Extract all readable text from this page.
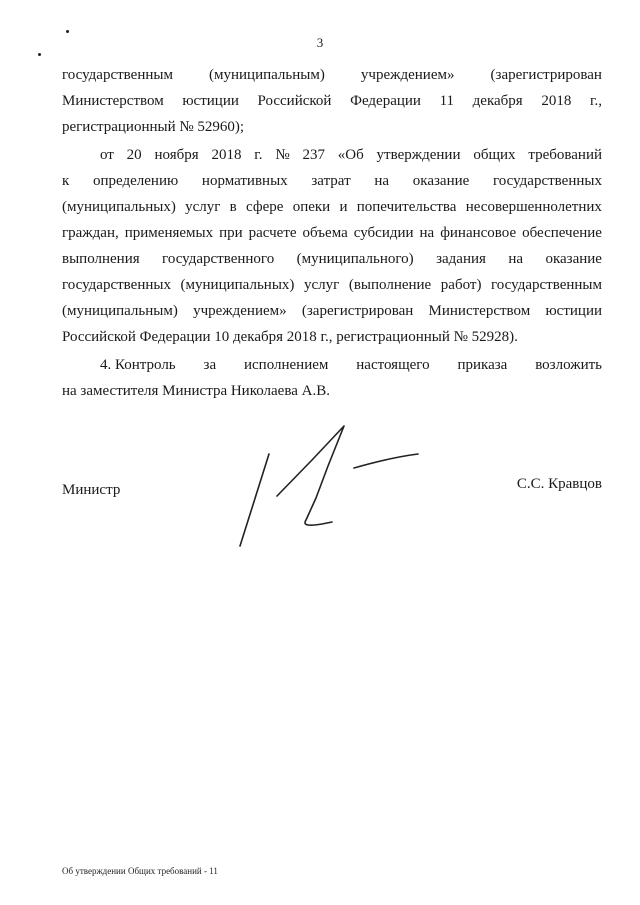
3
государственным (муниципальным) учреждением» (зарегистрирован
Министерством юстиции Российской Федерации 11 декабря 2018 г.,
регистрационный № 52960);
от 20 ноября 2018 г. № 237 «Об утверждении общих требований
к определению нормативных затрат на оказание государственных
(муниципальных) услуг в сфере опеки и попечительства несовершеннолетних
граждан, применяемых при расчете объема субсидии на финансовое обеспечение
выполнения государственного (муниципального) задания на оказание
государственных (муниципальных) услуг (выполнение работ) государственным
(муниципальным) учреждением» (зарегистрирован Министерством юстиции
Российской Федерации 10 декабря 2018 г., регистрационный № 52928).
4. Контроль за исполнением настоящего приказа возложить
на заместителя Министра Николаева А.В.
Министр	С.С. Кравцов
Об утверждении Общих требований - 11
